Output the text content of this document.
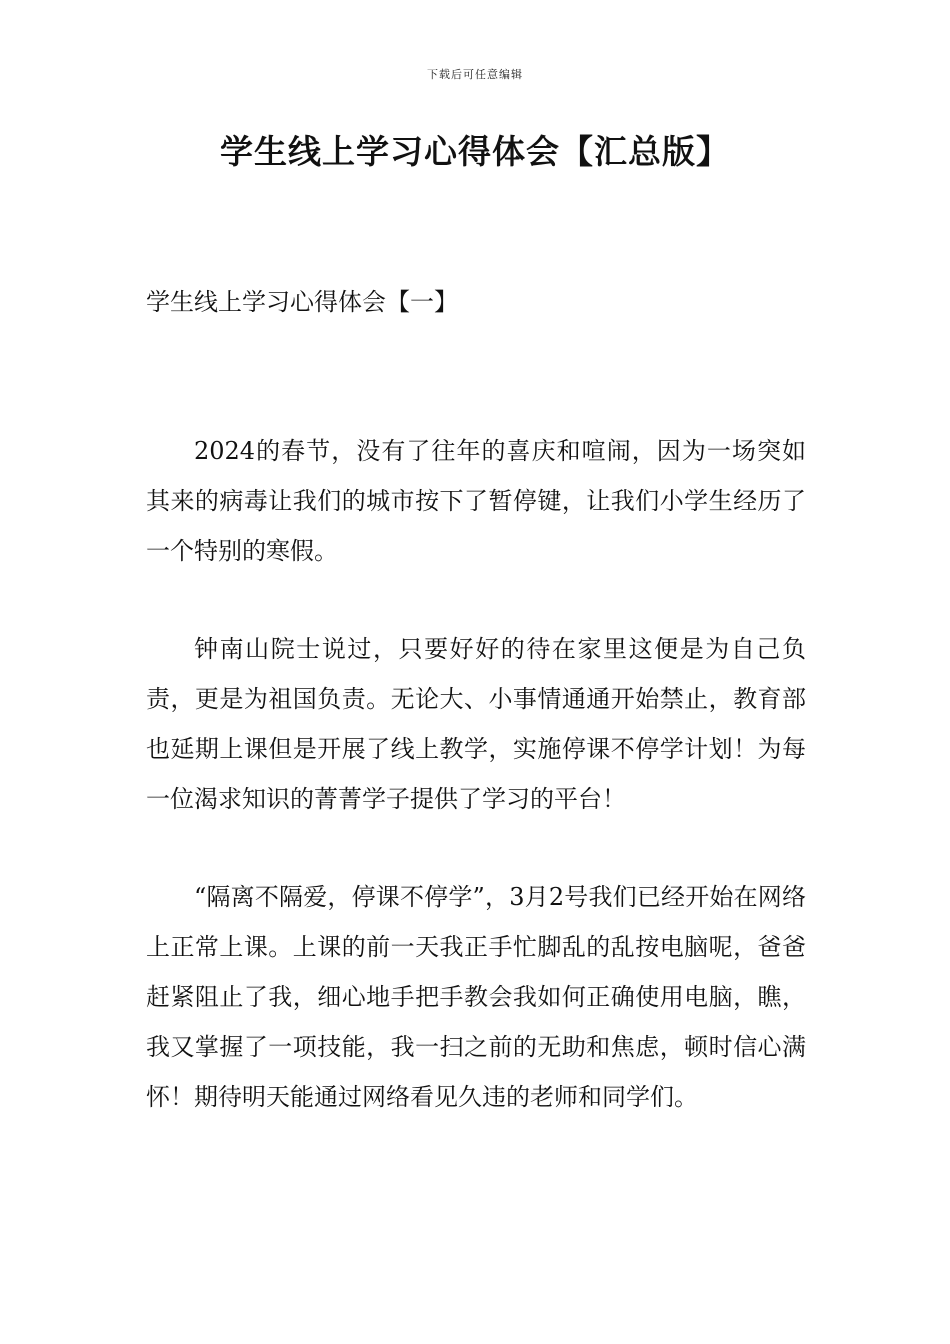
下载后可任意编辑
学生线上学习心得体会【汇总版】
学生线上学习心得体会【一】

2024的春节，没有了往年的喜庆和喧闹，因为一场突如其来的病毒让我们的城市按下了暂停键，让我们小学生经历了一个特别的寒假。

钟南山院士说过，只要好好的待在家里这便是为自己负责，更是为祖国负责。无论大、小事情通通开始禁止，教育部也延期上课但是开展了线上教学，实施停课不停学计划！为每一位渴求知识的菁菁学子提供了学习的平台！

“隔离不隔爱，停课不停学”，3月2号我们已经开始在网络上正常上课。上课的前一天我正手忙脚乱的乱按电脑呢，爸爸赶紧阻止了我，细心地手把手教会我如何正确使用电脑，瞧，我又掌握了一项技能，我一扫之前的无助和焦虑，顿时信心满怀！期待明天能通过网络看见久违的老师和同学们。
